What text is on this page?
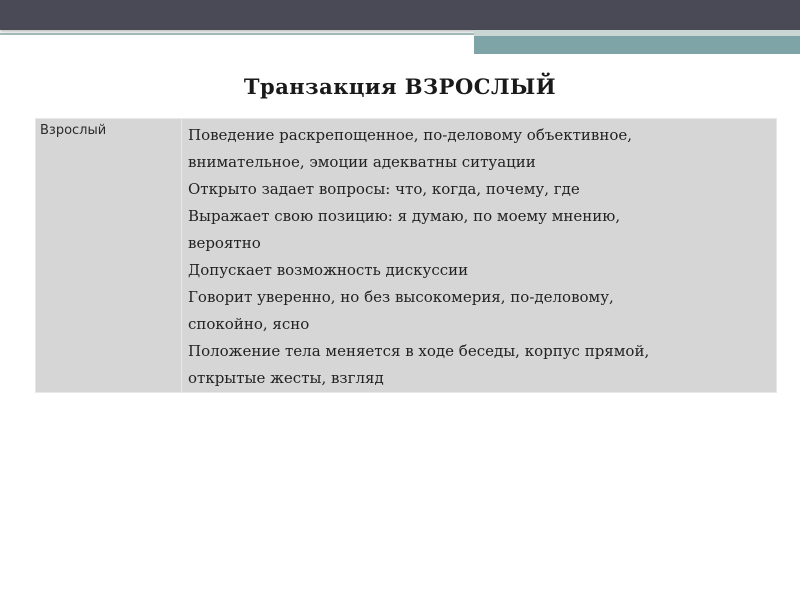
Транзакция ВЗРОСЛЫЙ
Взрослый	Поведение раскрепощенное, по-деловому объективное,
внимательное, эмоции адекватны ситуации
Открыто задает вопросы: что, когда, почему, где
Выражает свою позицию: я думаю, по моему мнению,
вероятно
Допускает возможность дискуссии
Говорит уверенно, но без высокомерия, по-деловому,
спокойно, ясно
Положение тела меняется в ходе беседы, корпус прямой,
открытые жесты, взгляд
